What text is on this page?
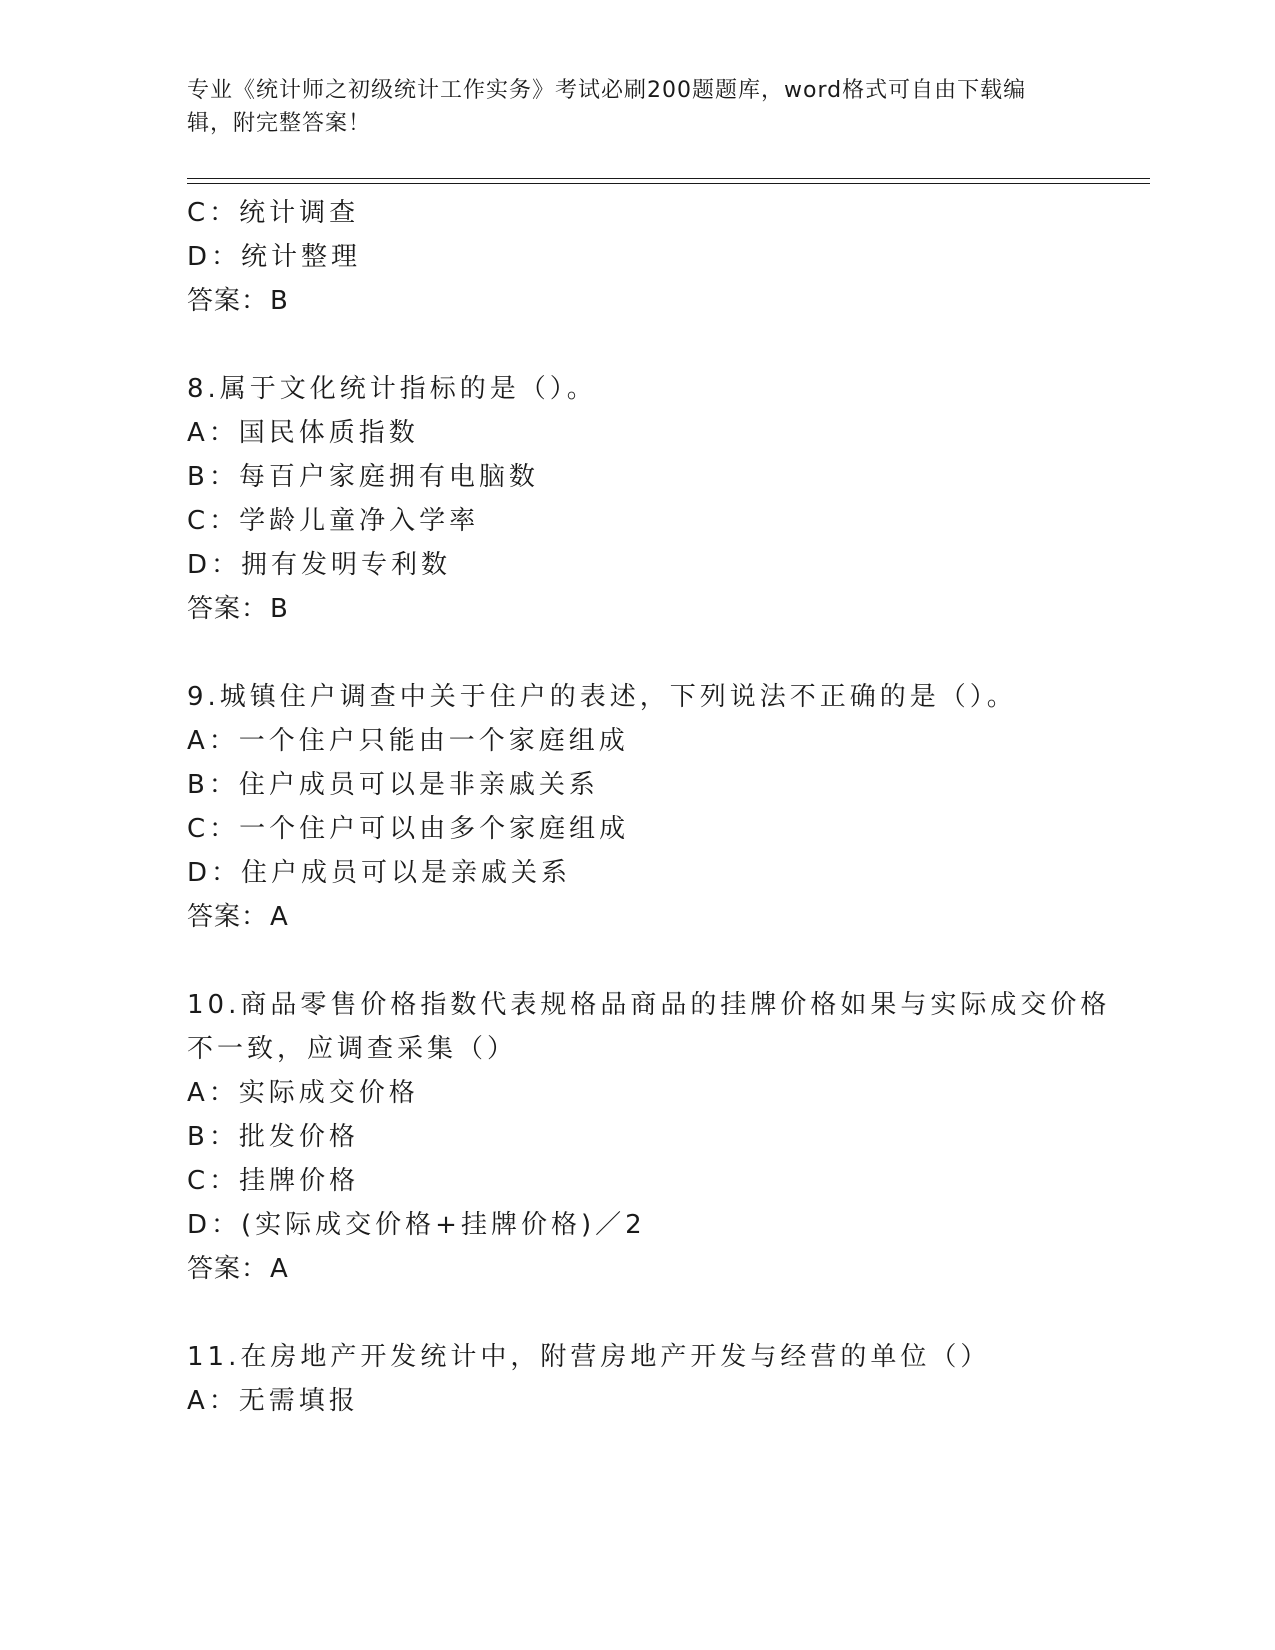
专业《统计师之初级统计工作实务》考试必刷200题题库，word格式可自由下载编辑，附完整答案！
C：统计调查
D：统计整理
答案：B
8.属于文化统计指标的是（）。
A：国民体质指数
B：每百户家庭拥有电脑数
C：学龄儿童净入学率
D：拥有发明专利数
答案：B
9.城镇住户调查中关于住户的表述，下列说法不正确的是（）。
A：一个住户只能由一个家庭组成
B：住户成员可以是非亲戚关系
C：一个住户可以由多个家庭组成
D：住户成员可以是亲戚关系
答案：A
10.商品零售价格指数代表规格品商品的挂牌价格如果与实际成交价格
不一致，应调查采集（）
A：实际成交价格
B：批发价格
C：挂牌价格
D：(实际成交价格+挂牌价格)／2
答案：A
11.在房地产开发统计中，附营房地产开发与经营的单位（）
A：无需填报
